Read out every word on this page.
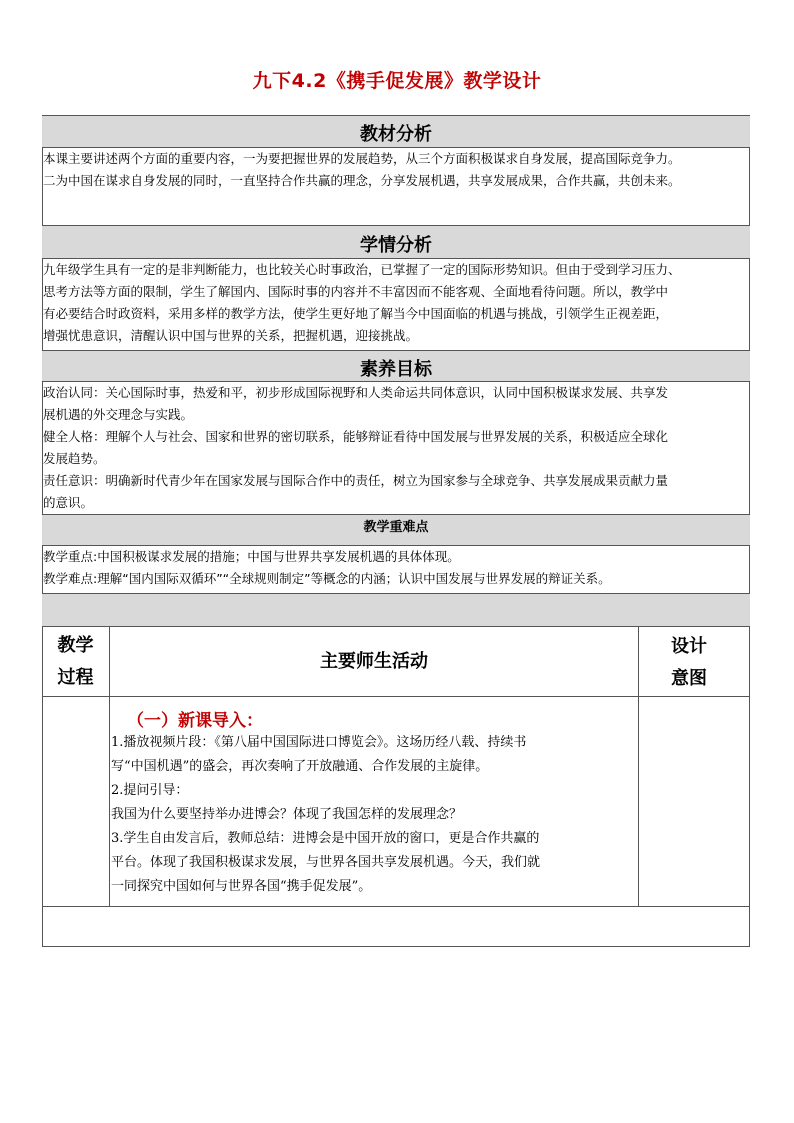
九下4.2《携手促发展》教学设计
教材分析
本课主要讲述两个方面的重要内容，一为要把握世界的发展趋势，从三个方面积极谋求自身发展，提高国际竞争力。
二为中国在谋求自身发展的同时，一直坚持合作共赢的理念，分享发展机遇，共享发展成果，合作共赢，共创未来。
学情分析
九年级学生具有一定的是非判断能力，也比较关心时事政治，已掌握了一定的国际形势知识。但由于受到学习压力、
思考方法等方面的限制，学生了解国内、国际时事的内容并不丰富因而不能客观、全面地看待问题。所以，教学中
有必要结合时政资料，采用多样的教学方法，使学生更好地了解当今中国面临的机遇与挑战，引领学生正视差距，
增强忧患意识，清醒认识中国与世界的关系，把握机遇，迎接挑战。
素养目标
政治认同：关心国际时事，热爱和平，初步形成国际视野和人类命运共同体意识，认同中国积极谋求发展、共享发
展机遇的外交理念与实践。
健全人格：理解个人与社会、国家和世界的密切联系，能够辩证看待中国发展与世界发展的关系，积极适应全球化
发展趋势。
责任意识：明确新时代青少年在国家发展与国际合作中的责任，树立为国家参与全球竞争、共享发展成果贡献力量
的意识。
教学重难点
教学重点:中国积极谋求发展的措施；中国与世界共享发展机遇的具体体现。
教学难点:理解“国内国际双循环”“全球规则制定”等概念的内涵；认识中国发展与世界发展的辩证关系。
教学
过程
主要师生活动
设计
意图
（一）新课导入：
1.播放视频片段：《第八届中国国际进口博览会》。这场历经八载、持续书
写“中国机遇”的盛会，再次奏响了开放融通、合作发展的主旋律。
2.提问引导：
我国为什么要坚持举办进博会？体现了我国怎样的发展理念？
3.学生自由发言后，教师总结：进博会是中国开放的窗口，更是合作共赢的
平台。体现了我国积极谋求发展，与世界各国共享发展机遇。今天，我们就
一同探究中国如何与世界各国“携手促发展”。
